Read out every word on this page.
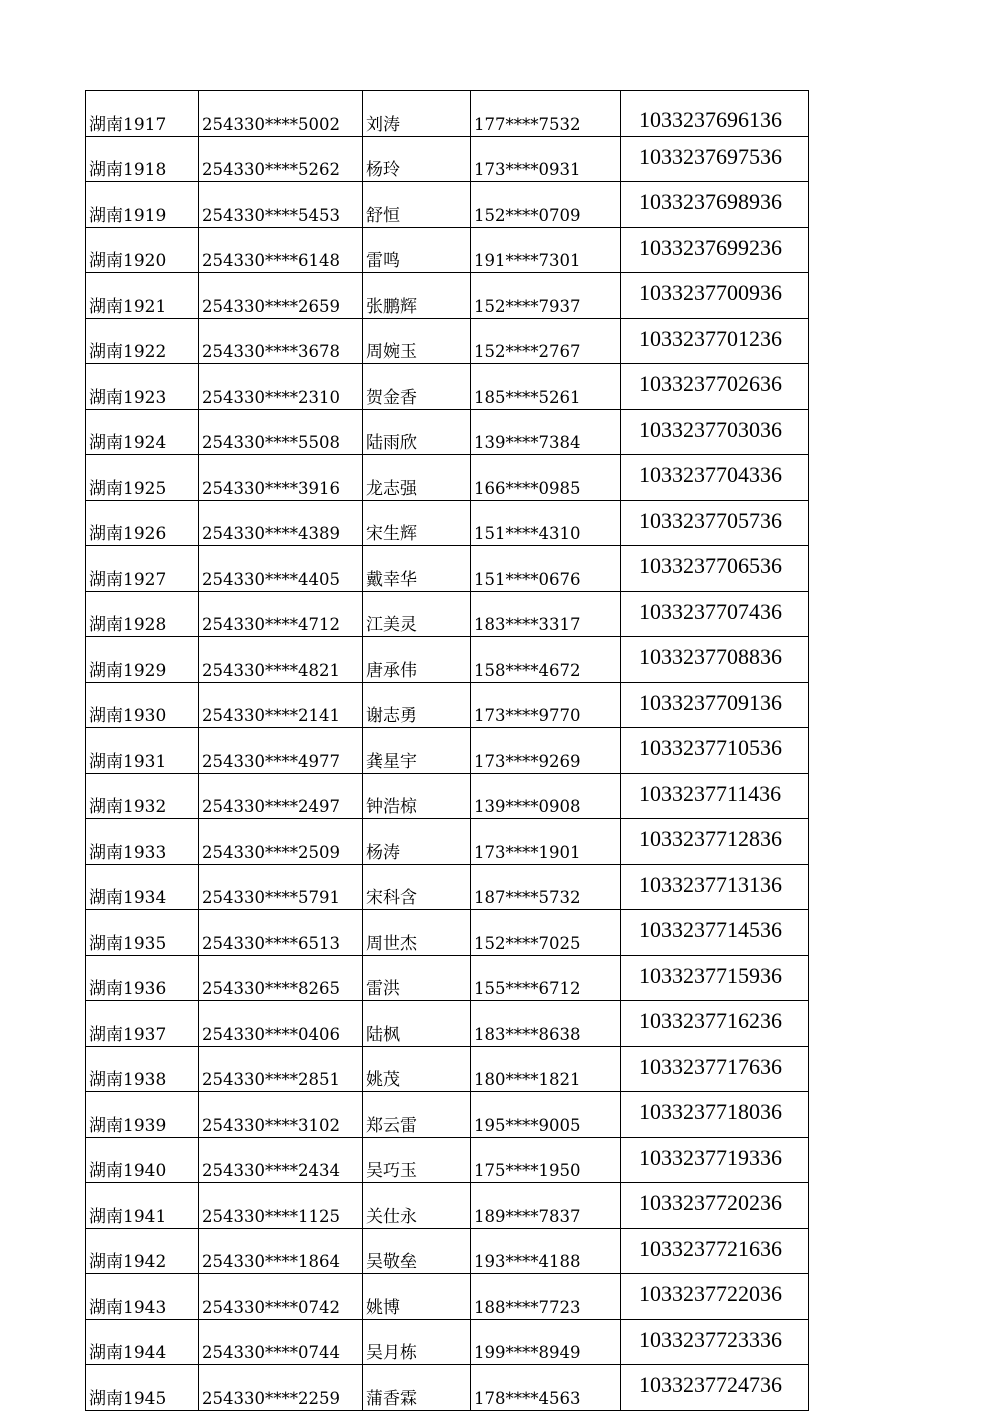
湖南1917	254330****5002	刘涛	177****7532	1033237696136
湖南1918	254330****5262	杨玲	173****0931	1033237697536
湖南1919	254330****5453	舒恒	152****0709	1033237698936
湖南1920	254330****6148	雷鸣	191****7301	1033237699236
湖南1921	254330****2659	张鹏辉	152****7937	1033237700936
湖南1922	254330****3678	周婉玉	152****2767	1033237701236
湖南1923	254330****2310	贺金香	185****5261	1033237702636
湖南1924	254330****5508	陆雨欣	139****7384	1033237703036
湖南1925	254330****3916	龙志强	166****0985	1033237704336
湖南1926	254330****4389	宋生辉	151****4310	1033237705736
湖南1927	254330****4405	戴幸华	151****0676	1033237706536
湖南1928	254330****4712	江美灵	183****3317	1033237707436
湖南1929	254330****4821	唐承伟	158****4672	1033237708836
湖南1930	254330****2141	谢志勇	173****9770	1033237709136
湖南1931	254330****4977	龚星宇	173****9269	1033237710536
湖南1932	254330****2497	钟浩椋	139****0908	1033237711436
湖南1933	254330****2509	杨涛	173****1901	1033237712836
湖南1934	254330****5791	宋科含	187****5732	1033237713136
湖南1935	254330****6513	周世杰	152****7025	1033237714536
湖南1936	254330****8265	雷洪	155****6712	1033237715936
湖南1937	254330****0406	陆枫	183****8638	1033237716236
湖南1938	254330****2851	姚茂	180****1821	1033237717636
湖南1939	254330****3102	郑云雷	195****9005	1033237718036
湖南1940	254330****2434	吴巧玉	175****1950	1033237719336
湖南1941	254330****1125	关仕永	189****7837	1033237720236
湖南1942	254330****1864	吴敬垒	193****4188	1033237721636
湖南1943	254330****0742	姚博	188****7723	1033237722036
湖南1944	254330****0744	吴月栋	199****8949	1033237723336
湖南1945	254330****2259	蒲香霖	178****4563	1033237724736
